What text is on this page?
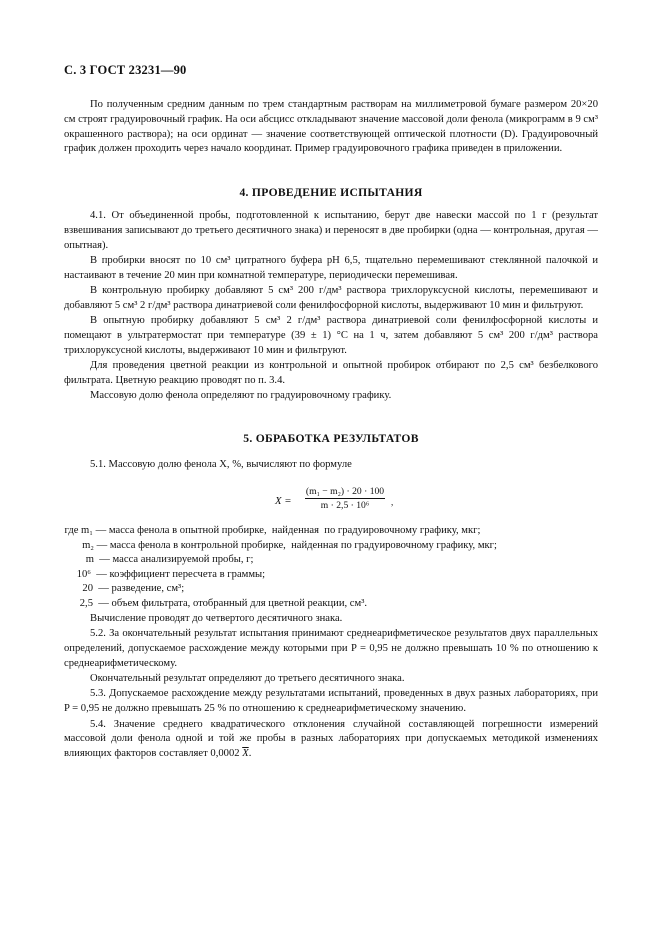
С. 3 ГОСТ 23231—90

По полученным средним данным по трем стандартным растворам на миллиметровой бумаге размером 20×20 см строят градуировочный график. На оси абсцисс откладывают значение массовой доли фенола (микрограмм в 9 см³ окрашенного раствора); на оси ординат — значение соответствующей оптической плотности (D). Градуировочный график должен проходить через начало координат. Пример градуировочного графика приведен в приложении.

4. ПРОВЕДЕНИЕ ИСПЫТАНИЯ

4.1. От объединенной пробы, подготовленной к испытанию, берут две навески массой по 1 г (результат взвешивания записывают до третьего десятичного знака) и переносят в две пробирки (одна — контрольная, другая — опытная).

В пробирки вносят по 10 см³ цитратного буфера pH 6,5, тщательно перемешивают стеклянной палочкой и настаивают в течение 20 мин при комнатной температуре, периодически перемешивая.

В контрольную пробирку добавляют 5 см³ 200 г/дм³ раствора трихлоруксусной кислоты, перемешивают и добавляют 5 см³ 2 г/дм³ раствора динатриевой соли фенилфосфорной кислоты, выдерживают 10 мин и фильтруют.

В опытную пробирку добавляют 5 см³ 2 г/дм³ раствора динатриевой соли фенилфосфорной кислоты и помещают в ультратермостат при температуре (39 ± 1) °С на 1 ч, затем добавляют 5 см³ 200 г/дм³ раствора трихлоруксусной кислоты, выдерживают 10 мин и фильтруют.

Для проведения цветной реакции из контрольной и опытной пробирок отбирают по 2,5 см³ безбелкового фильтрата. Цветную реакцию проводят по п. 3.4.

Массовую долю фенола определяют по градуировочному графику.

5. ОБРАБОТКА РЕЗУЛЬТАТОВ

5.1. Массовую долю фенола X, %, вычисляют по формуле

X =
(m₁ − m₂) · 20 · 100
m · 2,5 · 10⁶	,
где m₁ — масса фенола в опытной пробирке,  найденная  по градуировочному графику, мкг;
m₂ — масса фенола в контрольной пробирке,  найденная по градуировочному графику, мкг;
m — масса анализируемой пробы, г;
10⁶ — коэффициент пересчета в граммы;
20 — разведение, см³;
2,5 — объем фильтрата, отобранный для цветной реакции, см³.

Вычисление проводят до четвертого десятичного знака.

5.2. За окончательный результат испытания принимают среднеарифметическое результатов двух параллельных определений, допускаемое расхождение между которыми при P = 0,95 не должно превышать 10 % по отношению к среднеарифметическому.

Окончательный результат определяют до третьего десятичного знака.

5.3. Допускаемое расхождение между результатами испытаний, проведенных в двух разных лабораториях, при P = 0,95 не должно превышать 25 % по отношению к среднеарифметическому значению.

5.4. Значение среднего квадратического отклонения случайной составляющей погрешности измерений массовой доли фенола одной и той же пробы в разных лабораториях при допускаемых методикой изменениях влияющих факторов составляет 0,0002 $\overline{X}$.
